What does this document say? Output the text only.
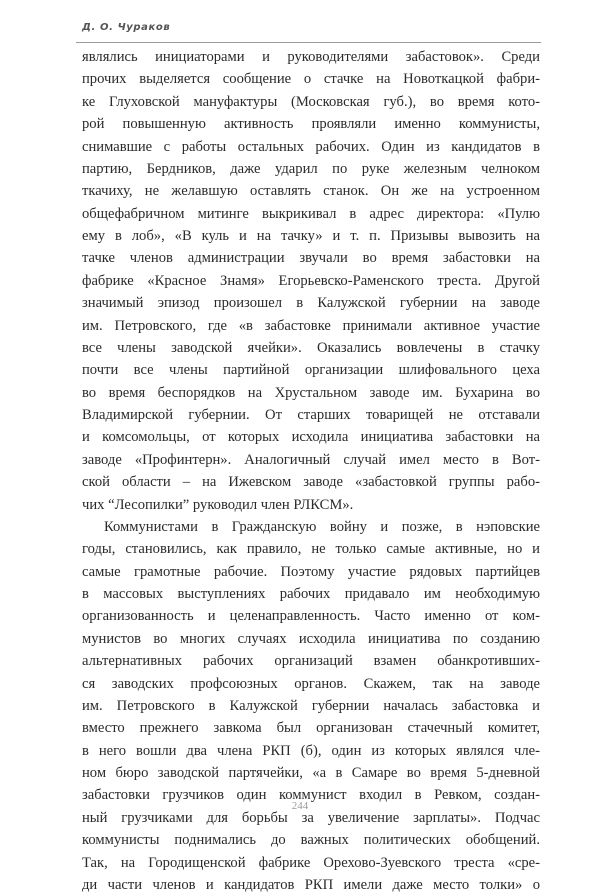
Д. О. Чураков
являлись инициаторами и руководителями забастовок». Среди
прочих выделяется сообщение о стачке на Новоткацкой фабри-
ке Глуховской мануфактуры (Московская губ.), во время кото-
рой повышенную активность проявляли именно коммунисты,
снимавшие с работы остальных рабочих. Один из кандидатов в
партию, Бердников, даже ударил по руке железным челноком
ткачиху, не желавшую оставлять станок. Он же на устроенном
общефабричном митинге выкрикивал в адрес директора: «Пулю
ему в лоб», «В куль и на тачку» и т. п. Призывы вывозить на
тачке членов администрации звучали во время забастовки на
фабрике «Красное Знамя» Егорьевско-Раменского треста. Другой
значимый эпизод произошел в Калужской губернии на заводе
им. Петровского, где «в забастовке принимали активное участие
все члены заводской ячейки». Оказались вовлечены в стачку
почти все члены партийной организации шлифовального цеха
во время беспорядков на Хрустальном заводе им. Бухарина во
Владимирской губернии. От старших товарищей не отставали
и комсомольцы, от которых исходила инициатива забастовки на
заводе «Профинтерн». Аналогичный случай имел место в Вот-
ской области – на Ижевском заводе «забастовкой группы рабо-
чих “Лесопилки” руководил член РЛКСМ».
Коммунистами в Гражданскую войну и позже, в нэповские
годы, становились, как правило, не только самые активные, но и
самые грамотные рабочие. Поэтому участие рядовых партийцев
в массовых выступлениях рабочих придавало им необходимую
организованность и целенаправленность. Часто именно от ком-
мунистов во многих случаях исходила инициатива по созданию
альтернативных рабочих организаций взамен обанкротивших-
ся заводских профсоюзных органов. Скажем, так на заводе
им. Петровского в Калужской губернии началась забастовка и
вместо прежнего завкома был организован стачечный комитет,
в него вошли два члена РКП (б), один из которых являлся чле-
ном бюро заводской партячейки, «а в Самаре во время 5-дневной
забастовки грузчиков один коммунист входил в Ревком, создан-
ный грузчиками для борьбы за увеличение зарплаты». Подчас
коммунисты поднимались до важных политических обобщений.
Так, на Городищенской фабрике Орехово-Зуевского треста «сре-
ди части членов и кандидатов РКП имели даже место толки» о
244
